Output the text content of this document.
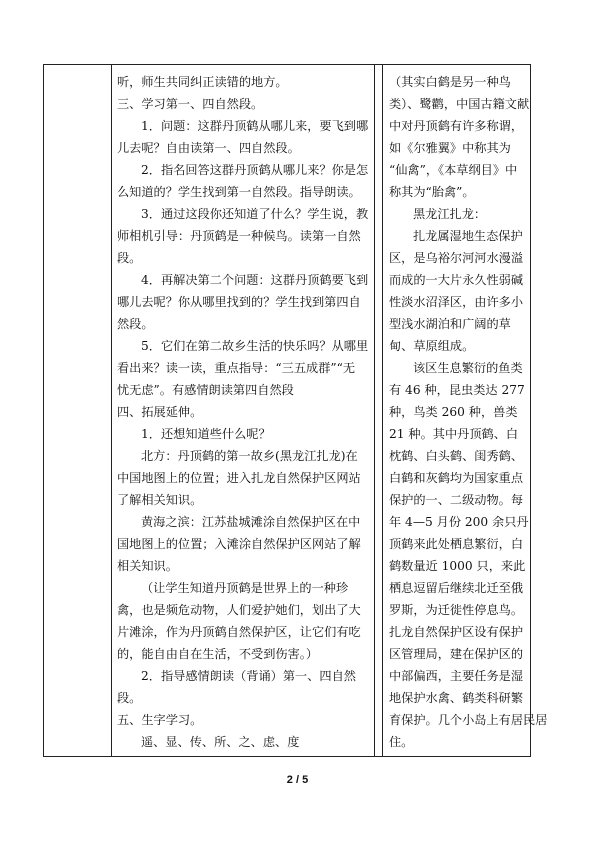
听，师生共同纠正读错的地方。
三、学习第一、四自然段。
1．问题：这群丹顶鹤从哪儿来，要飞到哪
儿去呢？自由读第一、四自然段。
2．指名回答这群丹顶鹤从哪儿来？你是怎
么知道的？学生找到第一自然段。指导朗读。
3．通过这段你还知道了什么？学生说，教
师相机引导：丹顶鹤是一种候鸟。读第一自然
段。
4．再解决第二个问题：这群丹顶鹤要飞到
哪儿去呢？你从哪里找到的？学生找到第四自
然段。
5．它们在第二故乡生活的快乐吗？从哪里
看出来？读一读，重点指导：“三五成群”“无
忧无虑”。有感情朗读第四自然段
四、拓展延伸。
1．还想知道些什么呢？
北方：丹顶鹤的第一故乡(黑龙江扎龙)在
中国地图上的位置；进入扎龙自然保护区网站
了解相关知识。
黄海之滨：江苏盐城滩涂自然保护区在中
国地图上的位置；入滩涂自然保护区网站了解
相关知识。
（让学生知道丹顶鹤是世界上的一种珍
禽，也是频危动物，人们爱护她们，划出了大
片滩涂，作为丹顶鹤自然保护区，让它们有吃
的，能自由自在生活，不受到伤害。）
2．指导感情朗读（背诵）第一、四自然
段。
五、生字学习。
遥、显、传、所、之、虑、度
（其实白鹤是另一种鸟
类）、鹭鹳，中国古籍文献
中对丹顶鹤有许多称谓，
如《尔雅翼》中称其为
“仙禽”，《本草纲目》中
称其为“胎禽”。
黑龙江扎龙：
扎龙属湿地生态保护
区，是乌裕尔河河水漫溢
而成的一大片永久性弱碱
性淡水沼泽区，由许多小
型浅水湖泊和广阔的草
甸、草原组成。
该区生息繁衍的鱼类
有 46 种，昆虫类达 277
种，鸟类 260 种，兽类
21 种。其中丹顶鹤、白
枕鹤、白头鹤、闺秀鹤、
白鹤和灰鹤均为国家重点
保护的一、二级动物。每
年 4—5 月份 200 余只丹
顶鹤来此处栖息繁衍，白
鹤数量近 1000 只，来此
栖息逗留后继续北迁至俄
罗斯，为迁徙性停息鸟。
扎龙自然保护区设有保护
区管理局，建在保护区的
中部偏西，主要任务是湿
地保护水禽、鹤类科研繁
育保护。几个小岛上有居民居
住。
2 / 5
